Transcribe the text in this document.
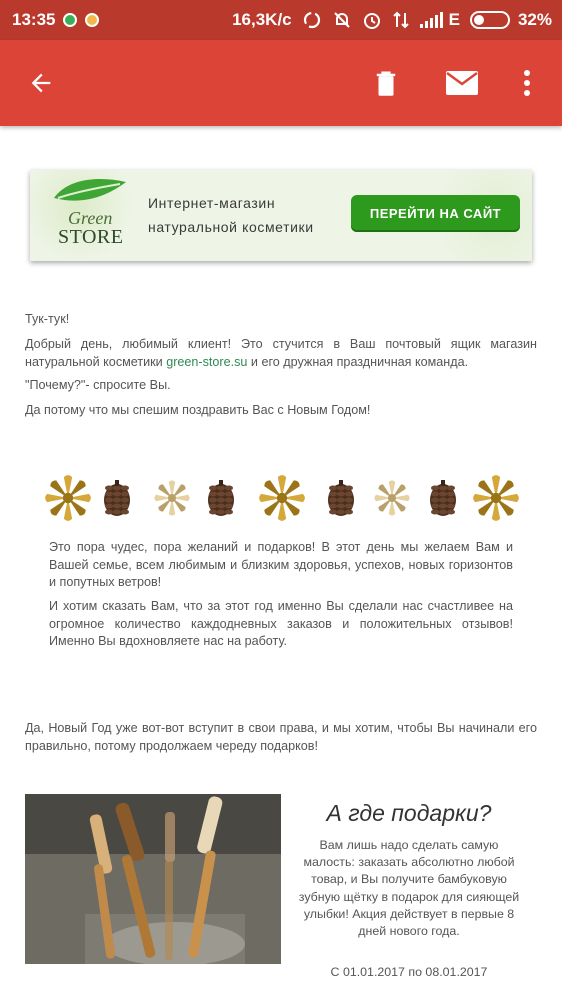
13:35	16,3K/c	E	32%
Green
STORE
Интернет-магазин
натуральной косметики
ПЕРЕЙТИ НА САЙТ
Тук-тук!
Добрый день, любимый клиент! Это стучится в Ваш почтовый ящик магазин натуральной косметики green-store.su и его дружная праздничная команда.
"Почему?"- спросите Вы.
Да потому что мы спешим поздравить Вас с Новым Годом!
Это пора чудес, пора желаний и подарков! В этот день мы желаем Вам и Вашей семье, всем любимым и близким здоровья, успехов, новых горизонтов и попутных ветров!
И хотим сказать Вам, что за этот год именно Вы сделали нас счастливее на огромное количество каждодневных заказов и положительных отзывов! Именно Вы вдохновляете нас на работу.
Да, Новый Год уже вот-вот вступит в свои права, и мы хотим, чтобы Вы начинали его правильно, потому продолжаем череду подарков!
А где подарки?
Вам лишь надо сделать самую малость: заказать абсолютно любой товар, и Вы получите бамбуковую зубную щётку в подарок для сияющей улыбки! Акция действует в первые 8 дней нового года.
С 01.01.2017 по 08.01.2017
